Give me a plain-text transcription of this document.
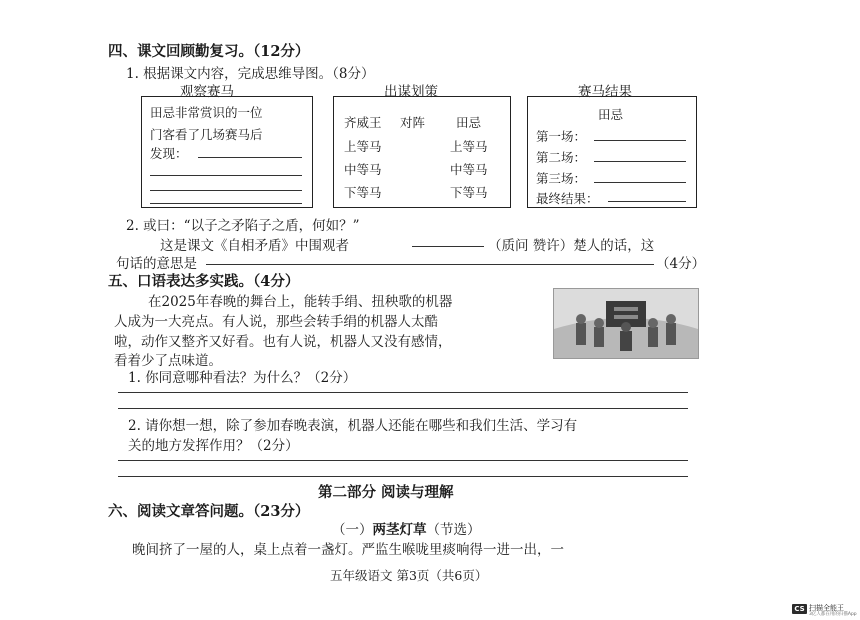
四、课文回顾勤复习。（12分）
1. 根据课文内容，完成思维导图。（8分）
观察赛马	出谋划策	赛马结果
田忌非常赏识的一位
门客看了几场赛马后
发现：
齐威王 对阵 田忌
上等马	上等马
中等马	中等马
下等马	下等马
田忌
第一场：
第二场：
第三场：
最终结果：
2. 或曰：“以子之矛陷子之盾，何如？”
这是课文《自相矛盾》中围观者	（质问 赞许）楚人的话，这
句话的意思是	（4分）
五、口语表达多实践。（4分）
在2025年春晚的舞台上，能转手绢、扭秧歌的机器
人成为一大亮点。有人说，那些会转手绢的机器人太酷
啦，动作又整齐又好看。也有人说，机器人又没有感情，
看着少了点味道。
1. 你同意哪种看法？为什么？（2分）
2. 请你想一想，除了参加春晚表演，机器人还能在哪些和我们生活、学习有
关的地方发挥作用？（2分）
第二部分 阅读与理解
六、阅读文章答问题。（23分）
（一）两茎灯草（节选）
晚间挤了一屋的人，桌上点着一盏灯。严监生喉咙里痰响得一进一出，一
五年级语文 第3页（共6页）
CS 扫描全能王
3亿人都在用的扫描App
